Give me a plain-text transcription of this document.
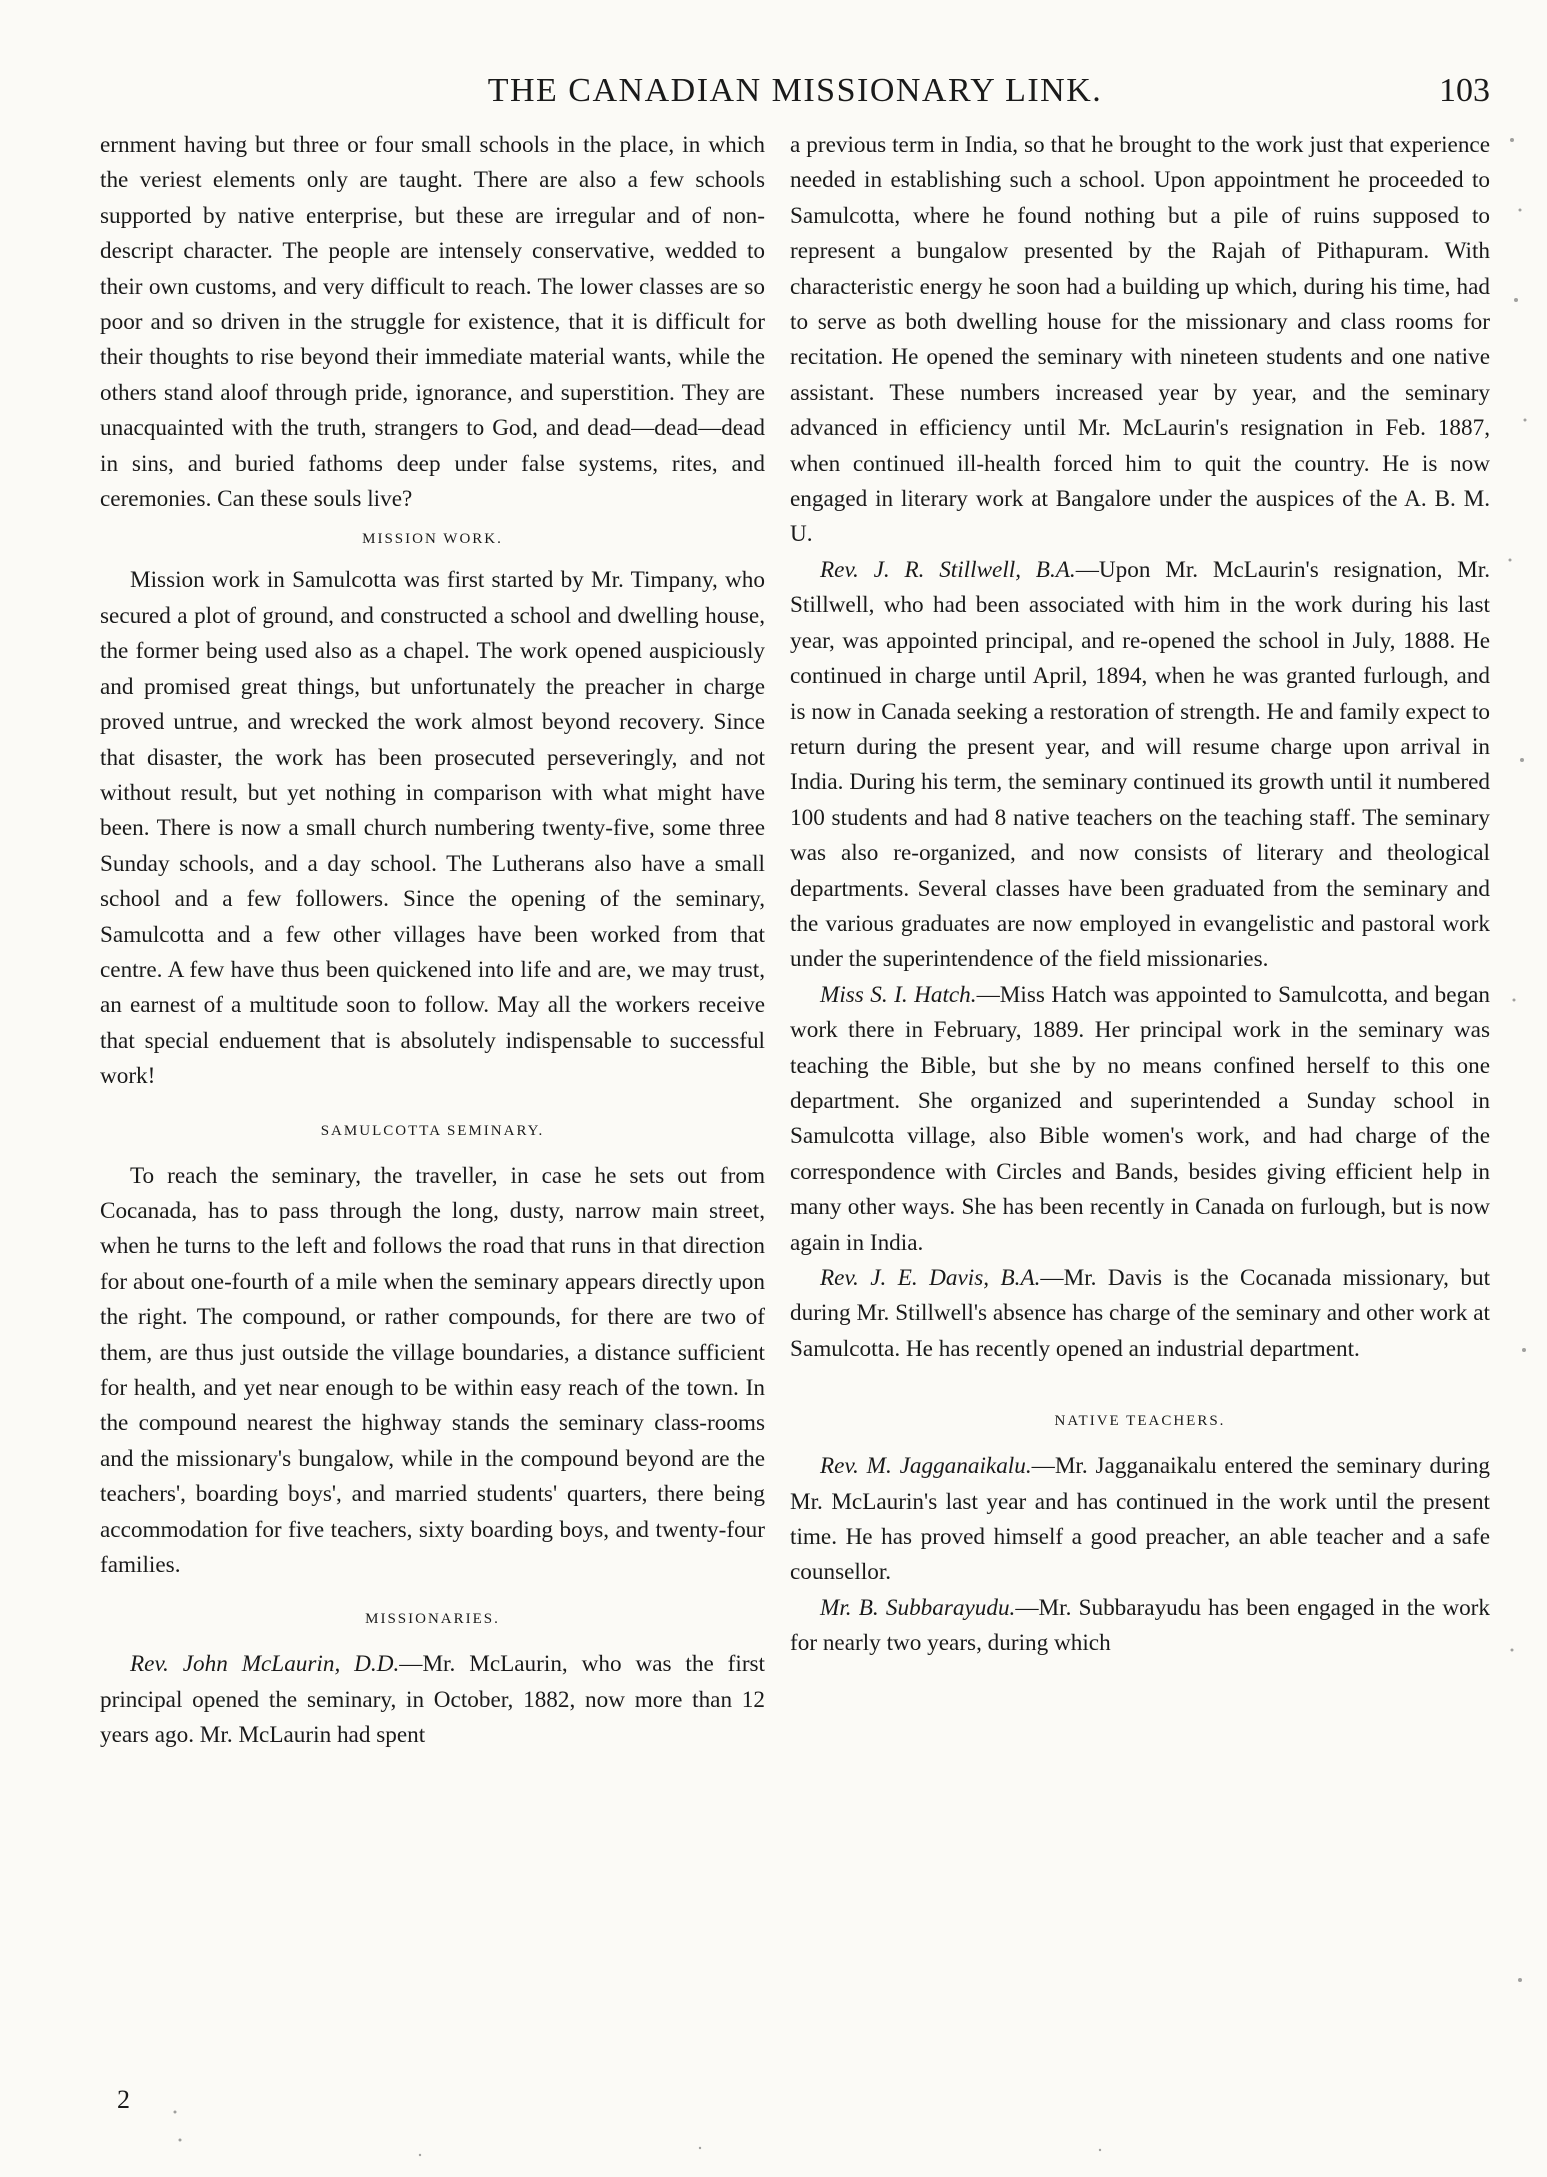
THE CANADIAN MISSIONARY LINK.	103

ernment having but three or four small schools in the place, in which the veriest elements only are taught. There are also a few schools supported by native enterprise, but these are irregular and of non-descript character. The people are intensely conservative, wedded to their own customs, and very difficult to reach. The lower classes are so poor and so driven in the struggle for existence, that it is difficult for their thoughts to rise beyond their immediate material wants, while the others stand aloof through pride, ignorance, and superstition. They are unacquainted with the truth, strangers to God, and dead—dead—dead in sins, and buried fathoms deep under false systems, rites, and ceremonies. Can these souls live?

MISSION WORK.

Mission work in Samulcotta was first started by Mr. Timpany, who secured a plot of ground, and constructed a school and dwelling house, the former being used also as a chapel. The work opened auspiciously and promised great things, but unfortunately the preacher in charge proved untrue, and wrecked the work almost beyond recovery. Since that disaster, the work has been prosecuted perseveringly, and not without result, but yet nothing in comparison with what might have been. There is now a small church numbering twenty-five, some three Sunday schools, and a day school. The Lutherans also have a small school and a few followers. Since the opening of the seminary, Samulcotta and a few other villages have been worked from that centre. A few have thus been quickened into life and are, we may trust, an earnest of a multitude soon to follow. May all the workers receive that special enduement that is absolutely indispensable to successful work!

SAMULCOTTA SEMINARY.

To reach the seminary, the traveller, in case he sets out from Cocanada, has to pass through the long, dusty, narrow main street, when he turns to the left and follows the road that runs in that direction for about one-fourth of a mile when the seminary appears directly upon the right. The compound, or rather compounds, for there are two of them, are thus just outside the village boundaries, a distance sufficient for health, and yet near enough to be within easy reach of the town. In the compound nearest the highway stands the seminary class-rooms and the missionary's bungalow, while in the compound beyond are the teachers', boarding boys', and married students' quarters, there being accommodation for five teachers, sixty boarding boys, and twenty-four families.

MISSIONARIES.

Rev. John McLaurin, D.D.—Mr. McLaurin, who was the first principal opened the seminary, in October, 1882, now more than 12 years ago. Mr. McLaurin had spent

a previous term in India, so that he brought to the work just that experience needed in establishing such a school. Upon appointment he proceeded to Samulcotta, where he found nothing but a pile of ruins supposed to represent a bungalow presented by the Rajah of Pithapuram. With characteristic energy he soon had a building up which, during his time, had to serve as both dwelling house for the missionary and class rooms for recitation. He opened the seminary with nineteen students and one native assistant. These numbers increased year by year, and the seminary advanced in efficiency until Mr. McLaurin's resignation in Feb. 1887, when continued ill-health forced him to quit the country. He is now engaged in literary work at Bangalore under the auspices of the A. B. M. U.

Rev. J. R. Stillwell, B.A.—Upon Mr. McLaurin's resignation, Mr. Stillwell, who had been associated with him in the work during his last year, was appointed principal, and re-opened the school in July, 1888. He continued in charge until April, 1894, when he was granted furlough, and is now in Canada seeking a restoration of strength. He and family expect to return during the present year, and will resume charge upon arrival in India. During his term, the seminary continued its growth until it numbered 100 students and had 8 native teachers on the teaching staff. The seminary was also re-organized, and now consists of literary and theological departments. Several classes have been graduated from the seminary and the various graduates are now employed in evangelistic and pastoral work under the superintendence of the field missionaries.

Miss S. I. Hatch.—Miss Hatch was appointed to Samulcotta, and began work there in February, 1889. Her principal work in the seminary was teaching the Bible, but she by no means confined herself to this one department. She organized and superintended a Sunday school in Samulcotta village, also Bible women's work, and had charge of the correspondence with Circles and Bands, besides giving efficient help in many other ways. She has been recently in Canada on furlough, but is now again in India.

Rev. J. E. Davis, B.A.—Mr. Davis is the Cocanada missionary, but during Mr. Stillwell's absence has charge of the seminary and other work at Samulcotta. He has recently opened an industrial department.

NATIVE TEACHERS.

Rev. M. Jagganaikalu.—Mr. Jagganaikalu entered the seminary during Mr. McLaurin's last year and has continued in the work until the present time. He has proved himself a good preacher, an able teacher and a safe counsellor.

Mr. B. Subbarayudu.—Mr. Subbarayudu has been engaged in the work for nearly two years, during which

2
